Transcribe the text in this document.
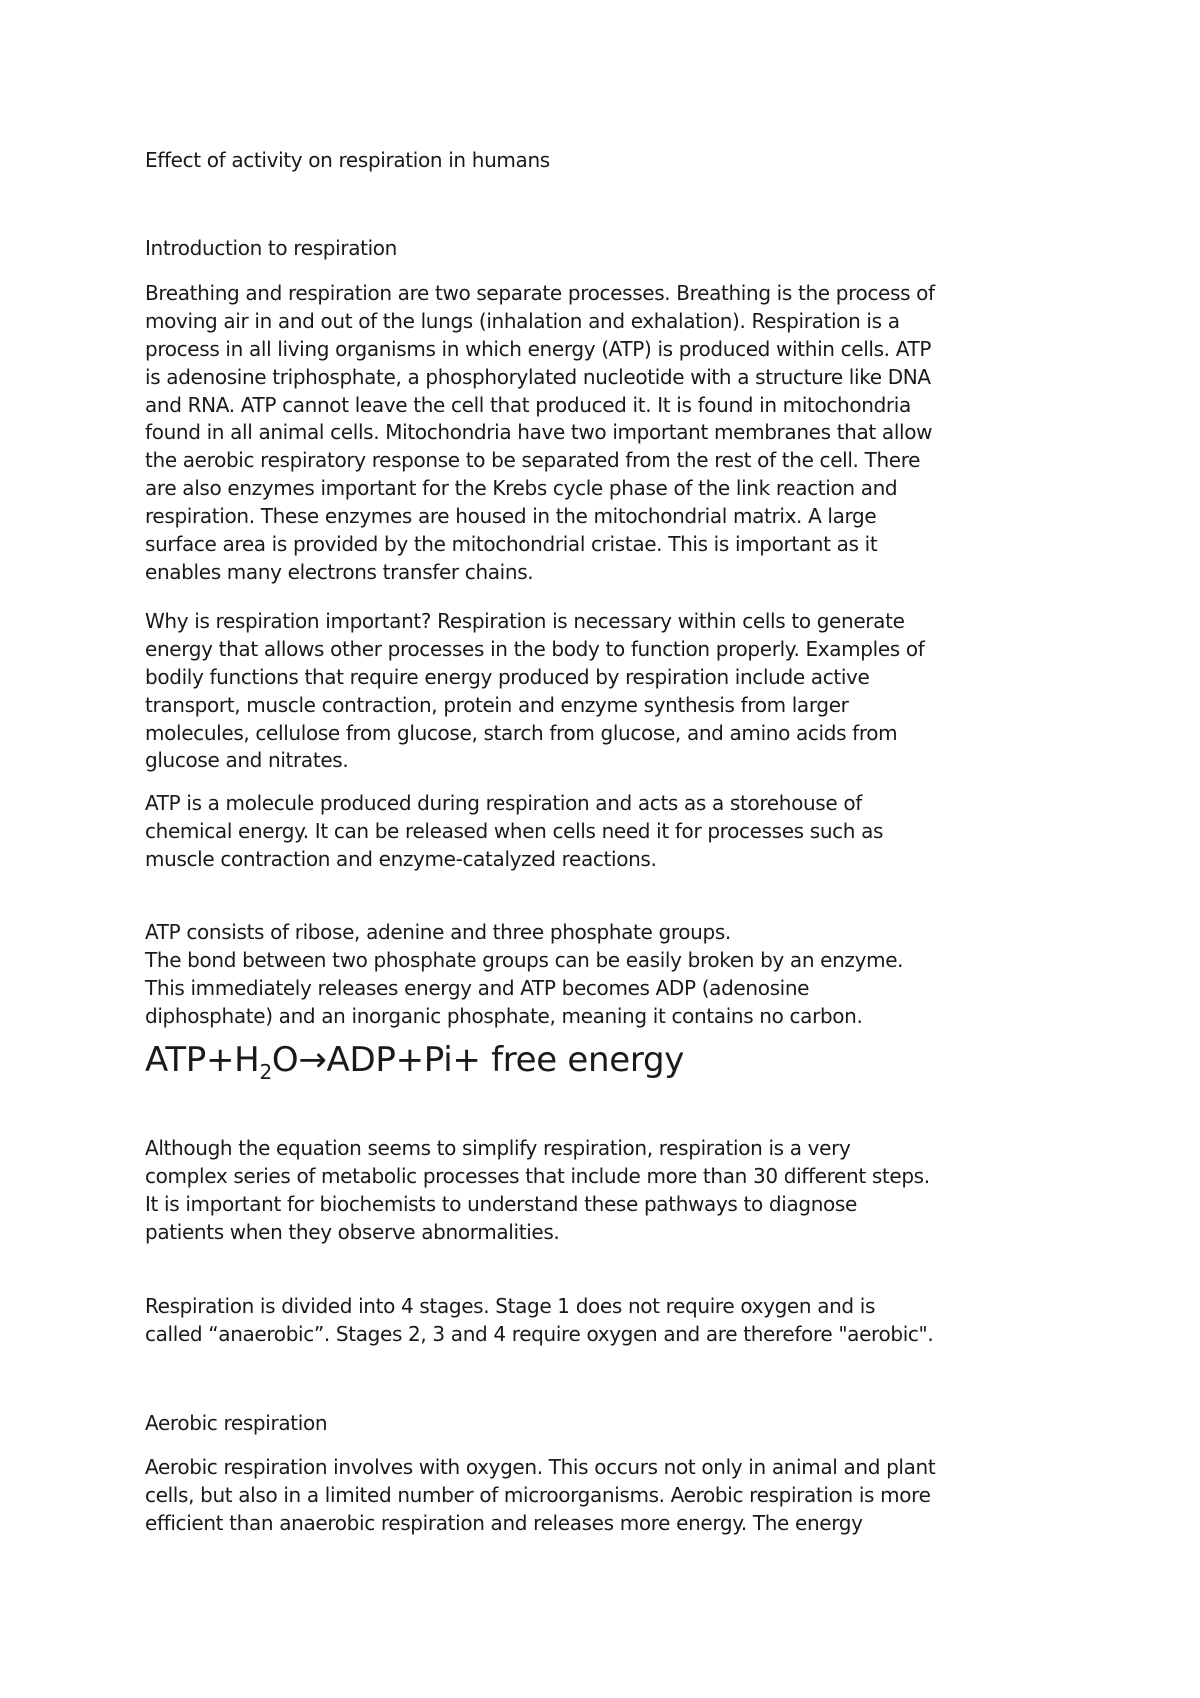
Effect of activity on respiration in humans
Introduction to respiration
Breathing and respiration are two separate processes. Breathing is the process of
moving air in and out of the lungs (inhalation and exhalation). Respiration is a
process in all living organisms in which energy (ATP) is produced within cells. ATP
is adenosine triphosphate, a phosphorylated nucleotide with a structure like DNA
and RNA. ATP cannot leave the cell that produced it. It is found in mitochondria
found in all animal cells. Mitochondria have two important membranes that allow
the aerobic respiratory response to be separated from the rest of the cell. There
are also enzymes important for the Krebs cycle phase of the link reaction and
respiration. These enzymes are housed in the mitochondrial matrix. A large
surface area is provided by the mitochondrial cristae. This is important as it
enables many electrons transfer chains.
Why is respiration important? Respiration is necessary within cells to generate
energy that allows other processes in the body to function properly. Examples of
bodily functions that require energy produced by respiration include active
transport, muscle contraction, protein and enzyme synthesis from larger
molecules, cellulose from glucose, starch from glucose, and amino acids from
glucose and nitrates.
ATP is a molecule produced during respiration and acts as a storehouse of
chemical energy. It can be released when cells need it for processes such as
muscle contraction and enzyme-catalyzed reactions.
ATP consists of ribose, adenine and three phosphate groups.
The bond between two phosphate groups can be easily broken by an enzyme.
This immediately releases energy and ATP becomes ADP (adenosine
diphosphate) and an inorganic phosphate, meaning it contains no carbon.
$ATP+H_2O\to ADP+Pi+$ free energy
Although the equation seems to simplify respiration, respiration is a very
complex series of metabolic processes that include more than 30 different steps.
It is important for biochemists to understand these pathways to diagnose
patients when they observe abnormalities.
Respiration is divided into 4 stages. Stage 1 does not require oxygen and is
called “anaerobic”. Stages 2, 3 and 4 require oxygen and are therefore "aerobic".
Aerobic respiration
Aerobic respiration involves with oxygen. This occurs not only in animal and plant
cells, but also in a limited number of microorganisms. Aerobic respiration is more
efficient than anaerobic respiration and releases more energy. The energy
